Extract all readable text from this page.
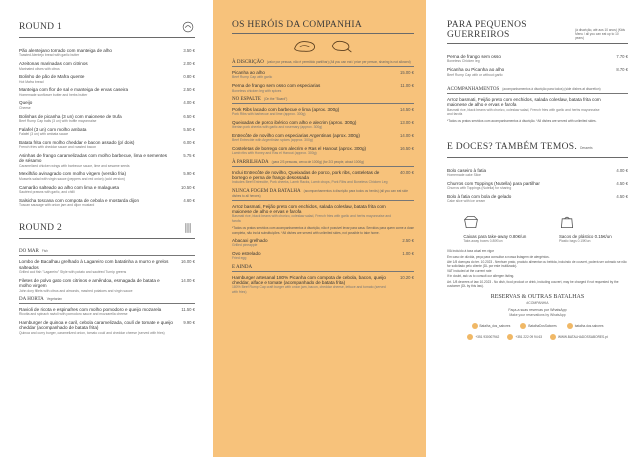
ROUND 1
Pão alentejano torrado com manteiga de alho
Toasted Alentejo bread with garlic butter
3.50 €
Azeitonas marinadas com citrinos
Marinated olives with citrus
2.00 €
Bolinho de pão de Mafra quente
Hot Mafra bread
0.80 €
Manteiga com flor de sal e manteiga de ervas caseira
Homemade sunflower butter and herbs butter
2.50 €
Queijo
Cheese
4.00 €
Bolinhas de picanha (3 un) com maionese de trufa
Beef Rump Cap balls (3 un) with truffle mayonnaise
6.50 €
Falafel (3 un) com molho ambata
Falafel (3 un) with ambata sauce
5.50 €
Batata frita com molho cheddar e bacon assado (p/ dois)
French fries with cheddar sauce and roasted bacon
6.00 €
Asinhas de frango caramelizadas com molho barbecue, lima e sementes de sésamo
Caramelized chicken wings with barbecue sauce, lime and sesame seeds
5.75 €
Mexilhão avinagrado com molho virgem (versão fria)
Mussels salad with virgin sauce (peppers and red onion) (cold version)
5.90 €
Camarão salteado ao alho com lima e malagueta
Sautéed prawns with garlic, and chilli
10.50 €
Salsicha toscana com compota de cebola e mostarda dijon
Tuscan sausage with onion jam and dijon mustard
4.60 €
ROUND 2
DO MAR Fish
Lombo de Bacalhau grelhado à Lagareiro com batatinha a murro e grelos salteados
Grilled cod fish "Lagareiro" Style with potato and sautéed Turnip greens
16.00 €
Filetes de polvo gato com citrinos e amêndoa, esmagada de batata e molho virgem
John dory fillets with citrus and almonds, mashed potatoes and virgin sauce
14.00 €
DA HORTA Vegetarian
Ravioli de ricota e espinafres com molho pomodoro e queijo mozarela
Ricotta and spinach ravioli with pomodoro sauce and mozzarella cheese
11.50 €
Hamburger de quinoa e caril, cebola caramelizada, coulí de tomate e queijo cheddar (acompanhado de batata frita)
Quinoa and curry burger, caramelized onion, tomato coulí and cheddar cheese (served with fries)
9.90 €
OS HERÓIS DA COMPANHIA
À DISCRIÇÃO (valor por pessoa, não é permitido partilhar) (All you can eat / price per person, sharing is not allowed)
Picanha ao alho
Beef Rump Cap with garlic
15.00 €
Perna de frango sem osso com especiarias
Boneless chicken leg with spices
11.00 €
NO ESPALTE (On the "Board")
Pork Ribs lacado com barbecue e lima (aprox. 300g)
Pork Ribs with barbecue and lime (approx. 300g)
14.50 €
Queixadas de porco ibérico com alho e alecrim (aprox. 300g)
Iberian pork cheeks with garlic and rosemary (approx. 300g)
13.00 €
Entrecôte de novilho com especiarias Argentinas (aprox. 300g)
Beef Entrecôte with Argentinian spices (approx. 300g)
14.00 €
Costeletas de borrego com alecrim e Ras el Hanout (aprox. 300g)
Lamb ribs with Honey and Ras el Hanout (approx. 300g)
16.50 €
À PARRILHADA (para 2/3 pessoas, cerca de 1000g) (for 2/3 people, about 1000g)
Inclui Entrecôte de novilho, Queixadas de porco, pork ribs, costeletas de borrego e perna de frango desossada
Includes Beef Entrecôte, Pork cheeks, Lamb Racks, Lamb chops, Pork Ribs and Boneless Chicken Leg
40.00 €
NUNCA FOGEM DA BATALHA (acompanhamentos à discrição para todos os heróis) (all you can eat side dishes to all heroes)
Arroz basmati, Feijão preto com enchidos, salada coleslaw, batata frita com maionese de alho e ervas e farofa
Basmati rice, black beans with chorizo, coleslaw salad, French fries with garlic and herbs mayonnaise and farofa
*Todos os pratos servidos com acompanhamentos à discrição, não é possível levar para casa. Servidos para quem come a dose completa, não inclui substituições. *All dishes are served with unlimited sides, not possible to take home.
Abacaxi grelhado
Grilled pineapple
2.50 €
Ovo estrelado
Fried egg
1.00 €
E AINDA
Hamburger artesanal 180% Picanha com compota de cebola, bacon, queijo cheddar, alface e tomate (acompanhado de batata frita)
180% Beef Rump Cap craft burger with onion jam, bacon, cheddar cheese, lettuce and tomato (served with fries)
10.20 €
PARA PEQUENOS GUERREIROS	(à discrição, até aos 10 anos) (Kids Menu / all you can eat up to 10 years)
Perna de frango sem osso
Boneless Chicken leg
7.70 €
Picanha ou Picanha ao alho
Beef Rump Cap with or without garlic
8.70 €
ACOMPANHAMENTOS (acompanhamentos à discrição para todos) (side dishes at discretion)
Arroz basmati, Feijão preto com enchidos, salada coleslaw, batata frita com maionese de alho e ervas e farofa
Basmati rice, black beans with chorizo, coleslaw salad, French fries with garlic and herbs mayonnaise and farofa
*Todos os pratos servidos com acompanhamentos à discrição. *All dishes are served with unlimited sides.
E DOCES? TAMBÉM TEMOS. Desserts
Bolo caseiro à fatia
Homemade cake Slice
4.00 €
Churros com Toppings (Nutella) para partilhar
Churros with Toppings (Nutella) for sharing
4.50 €
Bolo à fatia com bola de gelado
Cake slice with ice cream
4.50 €
Caixas para take-away 0.80€/un
Take-away boxes 0.80€/un
Sacos de plástico 0.15€/un
Plastic bags 0.15€/un
IVA incluído à taxa atual em vigor
Em caso de dúvida, peça para consultar a nossa listagem de alergénios.
Até 1/8 doenças do ter. 10.2023 - Nenhum prato, produto alimentar ou bebida, incluindo de couvert, poderá ser cobrado se não for solicitado pelo cliente (DL por este inutilizado).
VAT included at the current rate
If in doubt, ask us to consult our allergen listing.
Art. 1/8 decrees of law 10.2023 - No dish, food product or drink, including couvert, may be charged if not requested by the customer (DL by this law).
RESERVAS & OUTRAS BATALHAS
#COMPANHIA
Faça-a suas reservas por WhatsApp
Make your reservations by WhatsApp
Batalha_dos_sabores	BatalhaDosSabores	batalha.dos.sabores
+351 930007942	+351 222 09 94 63	WWW.BATALHADOSSABORES.pt
